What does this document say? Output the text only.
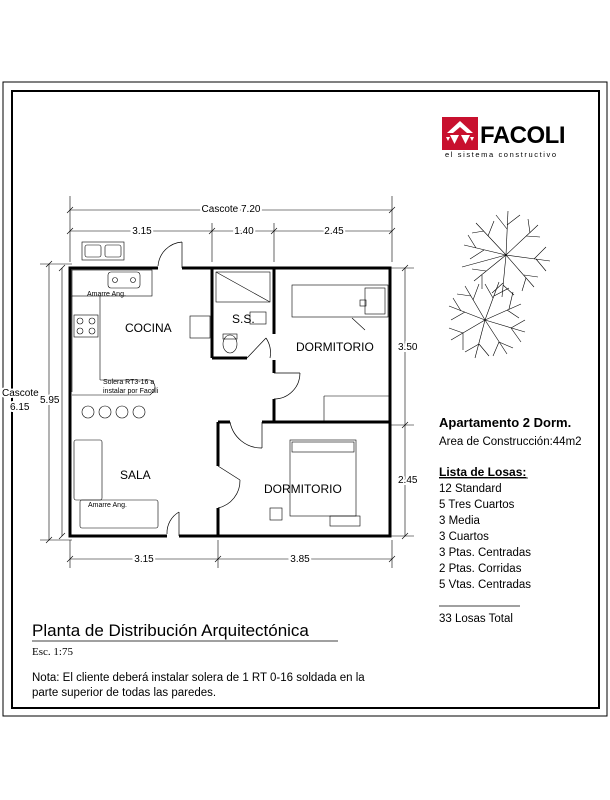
FACOLI
el sistema constructivo
COCINA
S.S.
DORMITORIO
DORMITORIO
SALA
Amarre Ang.
Amarre Ang.
Solera RT3-16 a
instalar por Facoli
Cascote 7.20
3.15	1.40	2.45
3.15	3.85
Cascote
6.15
5.95
3.50
2.45
Apartamento 2 Dorm.
Area de Construcción:44m2
Lista de Losas:
12 Standard
5 Tres Cuartos
3 Media
3 Cuartos
3 Ptas. Centradas
2 Ptas. Corridas
5 Vtas. Centradas
33 Losas Total
Planta de Distribución Arquitectónica
Esc. 1:75
Nota: El cliente deberá instalar solera de 1 RT 0-16 soldada en la
parte superior de todas las paredes.
